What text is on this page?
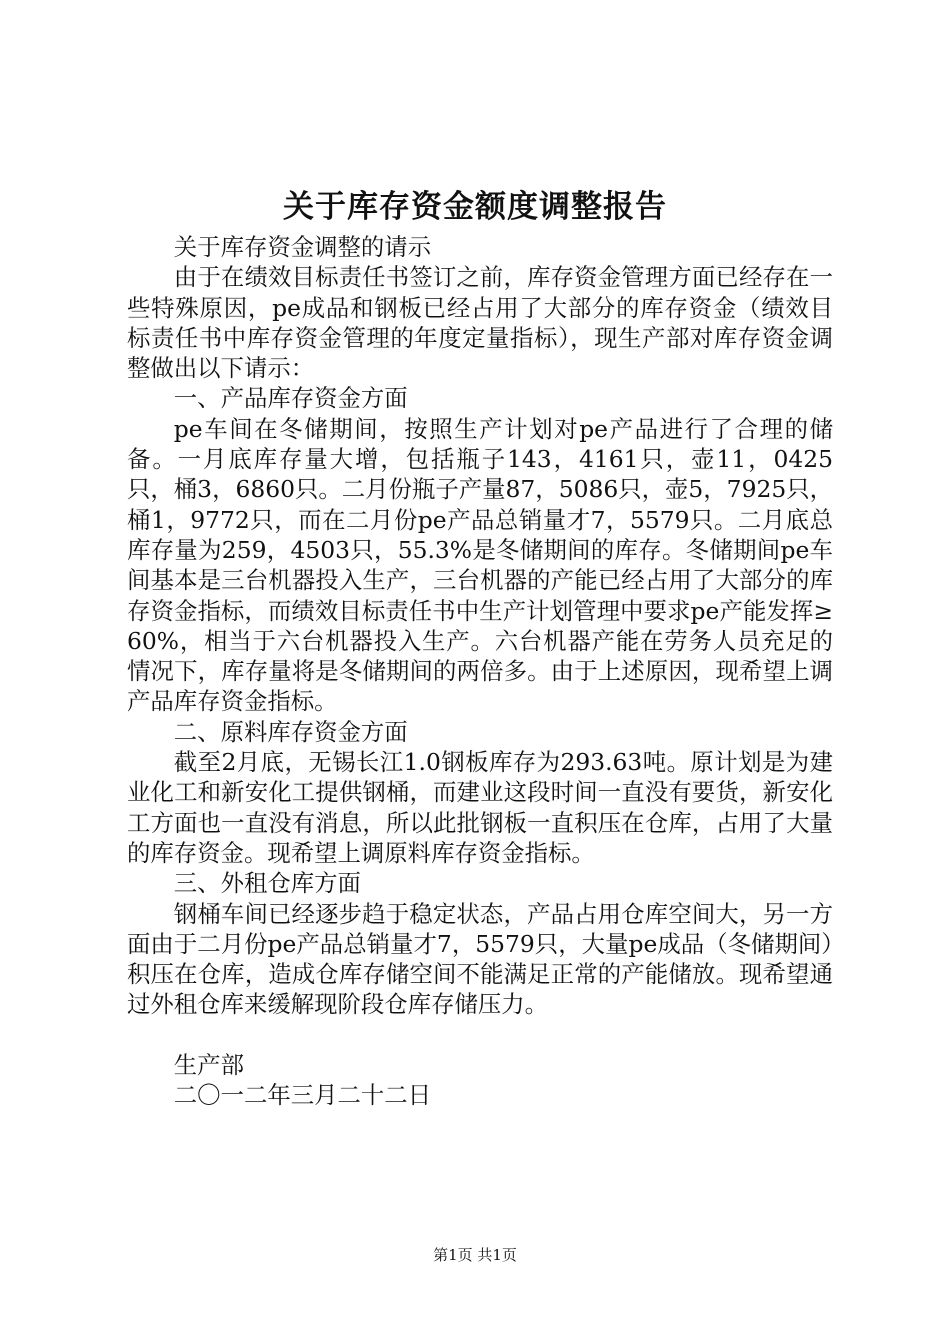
关于库存资金额度调整报告

关于库存资金调整的请示

由于在绩效目标责任书签订之前，库存资金管理方面已经存在一些特殊原因，pe成品和钢板已经占用了大部分的库存资金（绩效目标责任书中库存资金管理的年度定量指标），现生产部对库存资金调整做出以下请示：

一、产品库存资金方面

pe车间在冬储期间，按照生产计划对pe产品进行了合理的储备。一月底库存量大增，包括瓶子143，4161只，壶11，0425只，桶3，6860只。二月份瓶子产量87，5086只，壶5，7925只，桶1，9772只，而在二月份pe产品总销量才7，5579只。二月底总库存量为259，4503只，55.3%是冬储期间的库存。冬储期间pe车间基本是三台机器投入生产，三台机器的产能已经占用了大部分的库存资金指标，而绩效目标责任书中生产计划管理中要求pe产能发挥≥60%，相当于六台机器投入生产。六台机器产能在劳务人员充足的情况下，库存量将是冬储期间的两倍多。由于上述原因，现希望上调产品库存资金指标。

二、原料库存资金方面

截至2月底，无锡长江1.0钢板库存为293.63吨。原计划是为建业化工和新安化工提供钢桶，而建业这段时间一直没有要货，新安化工方面也一直没有消息，所以此批钢板一直积压在仓库，占用了大量的库存资金。现希望上调原料库存资金指标。

三、外租仓库方面

钢桶车间已经逐步趋于稳定状态，产品占用仓库空间大，另一方面由于二月份pe产品总销量才7，5579只，大量pe成品（冬储期间）积压在仓库，造成仓库存储空间不能满足正常的产能储放。现希望通过外租仓库来缓解现阶段仓库存储压力。

生产部

二〇一二年三月二十二日

第1页 共1页
